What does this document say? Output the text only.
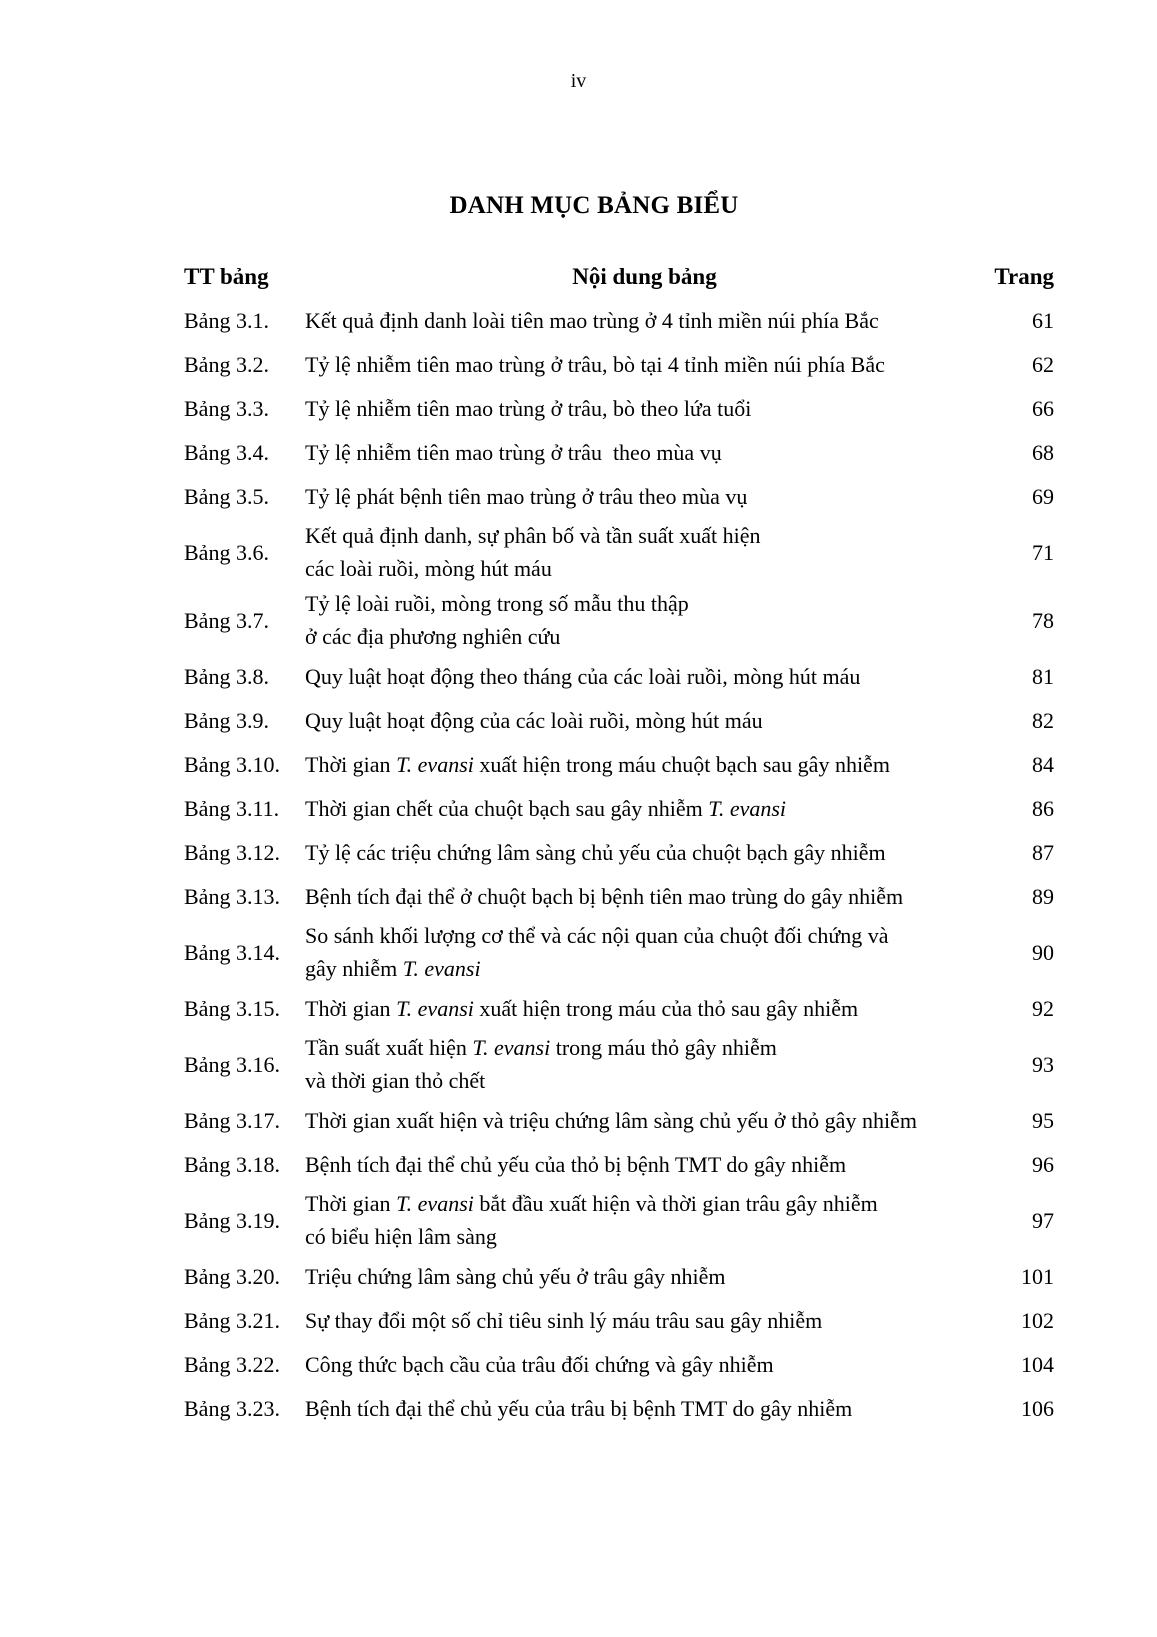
iv
DANH MỤC BẢNG BIỂU
TT bảng	Nội dung bảng	Trang
Bảng 3.1.	Kết quả định danh loài tiên mao trùng ở 4 tỉnh miền núi phía Bắc	61
Bảng 3.2.	Tỷ lệ nhiễm tiên mao trùng ở trâu, bò tại 4 tỉnh miền núi phía Bắc	62
Bảng 3.3.	Tỷ lệ nhiễm tiên mao trùng ở trâu, bò theo lứa tuổi	66
Bảng 3.4.	Tỷ lệ nhiễm tiên mao trùng ở trâu  theo mùa vụ	68
Bảng 3.5.	Tỷ lệ phát bệnh tiên mao trùng ở trâu theo mùa vụ	69
Bảng 3.6.	Kết quả định danh, sự phân bố và tần suất xuất hiện
các loài ruồi, mòng hút máu	71
Bảng 3.7.	Tỷ lệ loài ruồi, mòng trong số mẫu thu thập
ở các địa phương nghiên cứu	78
Bảng 3.8.	Quy luật hoạt động theo tháng của các loài ruồi, mòng hút máu	81
Bảng 3.9.	Quy luật hoạt động của các loài ruồi, mòng hút máu	82
Bảng 3.10.	Thời gian T. evansi xuất hiện trong máu chuột bạch sau gây nhiễm	84
Bảng 3.11.	Thời gian chết của chuột bạch sau gây nhiễm T. evansi	86
Bảng 3.12.	Tỷ lệ các triệu chứng lâm sàng chủ yếu của chuột bạch gây nhiễm	87
Bảng 3.13.	Bệnh tích đại thể ở chuột bạch bị bệnh tiên mao trùng do gây nhiễm	89
Bảng 3.14.	So sánh khối lượng cơ thể và các nội quan của chuột đối chứng và
gây nhiễm T. evansi	90
Bảng 3.15.	Thời gian T. evansi xuất hiện trong máu của thỏ sau gây nhiễm	92
Bảng 3.16.	Tần suất xuất hiện T. evansi trong máu thỏ gây nhiễm
và thời gian thỏ chết	93
Bảng 3.17.	Thời gian xuất hiện và triệu chứng lâm sàng chủ yếu ở thỏ gây nhiễm	95
Bảng 3.18.	Bệnh tích đại thể chủ yếu của thỏ bị bệnh TMT do gây nhiễm	96
Bảng 3.19.	Thời gian T. evansi bắt đầu xuất hiện và thời gian trâu gây nhiễm
có biểu hiện lâm sàng	97
Bảng 3.20.	Triệu chứng lâm sàng chủ yếu ở trâu gây nhiễm	101
Bảng 3.21.	Sự thay đổi một số chỉ tiêu sinh lý máu trâu sau gây nhiễm	102
Bảng 3.22.	Công thức bạch cầu của trâu đối chứng và gây nhiễm	104
Bảng 3.23.	Bệnh tích đại thể chủ yếu của trâu bị bệnh TMT do gây nhiễm	106
